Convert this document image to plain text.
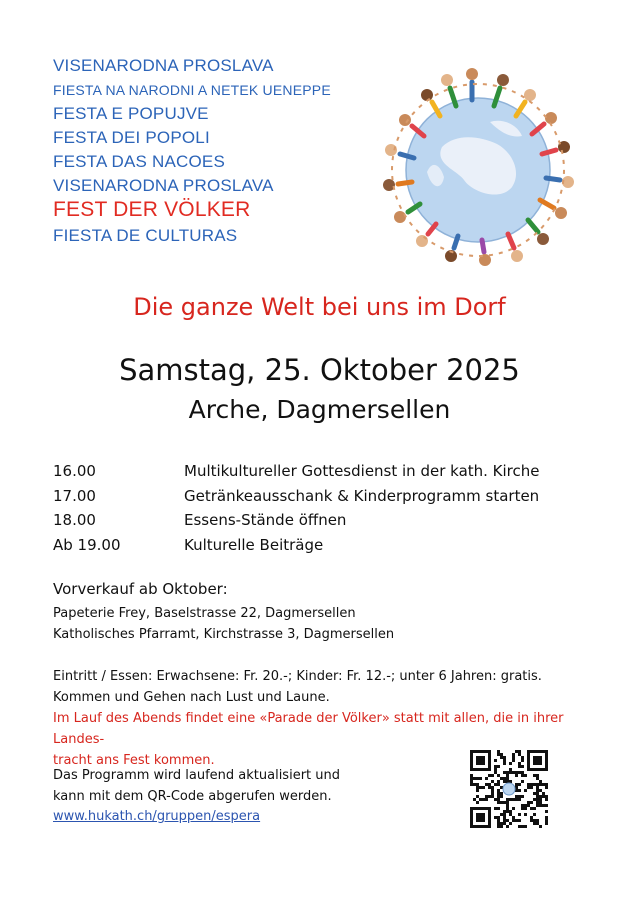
VISENARODNA PROSLAVA
FIESTA NA NARODNI A NETEK UENEPPE
FESTA E POPUJVE
FESTA DEI POPOLI
FESTA DAS NACOES
VISENARODNA PROSLAVA
FEST DER VÖLKER
FIESTA DE CULTURAS
Die ganze Welt bei uns im Dorf
Samstag, 25. Oktober 2025
Arche, Dagmersellen
16.00	Multikultureller Gottesdienst in der kath. Kirche
17.00	Getränkeausschank & Kinderprogramm starten
18.00	Essens-Stände öffnen
Ab 19.00	Kulturelle Beiträge
Vorverkauf ab Oktober:
Papeterie Frey, Baselstrasse 22, Dagmersellen
Katholisches Pfarramt, Kirchstrasse 3, Dagmersellen
Eintritt / Essen: Erwachsene: Fr. 20.-; Kinder: Fr. 12.-; unter 6 Jahren: gratis.
Kommen und Gehen nach Lust und Laune.
Im Lauf des Abends findet eine «Parade der Völker» statt mit allen, die in ihrer Landes-
tracht ans Fest kommen.
Das Programm wird laufend aktualisiert und
kann mit dem QR-Code abgerufen werden.
www.hukath.ch/gruppen/espera
